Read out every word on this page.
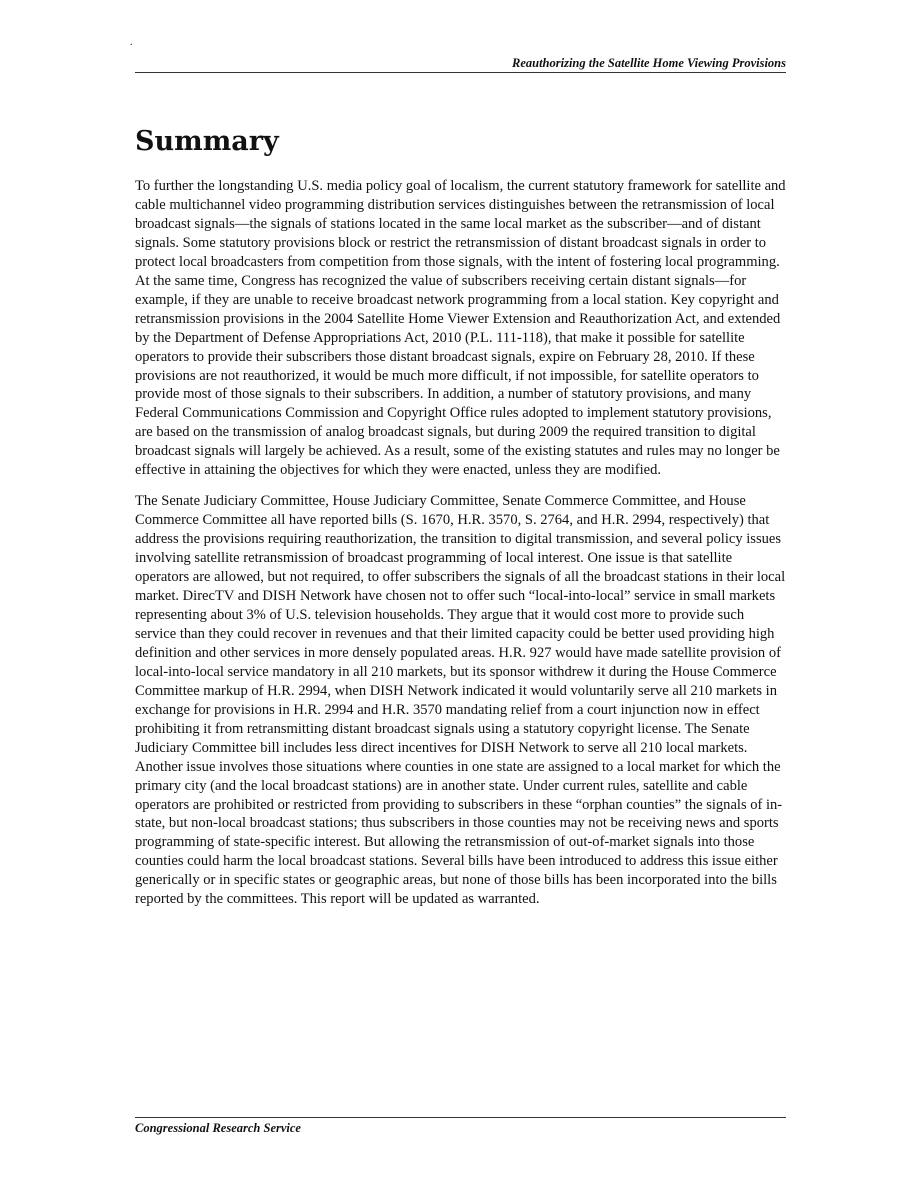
.
Reauthorizing the Satellite Home Viewing Provisions
Summary

To further the longstanding U.S. media policy goal of localism, the current statutory framework for satellite and cable multichannel video programming distribution services distinguishes between the retransmission of local broadcast signals—the signals of stations located in the same local market as the subscriber—and of distant signals. Some statutory provisions block or restrict the retransmission of distant broadcast signals in order to protect local broadcasters from competition from those signals, with the intent of fostering local programming. At the same time, Congress has recognized the value of subscribers receiving certain distant signals—for example, if they are unable to receive broadcast network programming from a local station. Key copyright and retransmission provisions in the 2004 Satellite Home Viewer Extension and Reauthorization Act, and extended by the Department of Defense Appropriations Act, 2010 (P.L. 111-118), that make it possible for satellite operators to provide their subscribers those distant broadcast signals, expire on February 28, 2010. If these provisions are not reauthorized, it would be much more difficult, if not impossible, for satellite operators to provide most of those signals to their subscribers. In addition, a number of statutory provisions, and many Federal Communications Commission and Copyright Office rules adopted to implement statutory provisions, are based on the transmission of analog broadcast signals, but during 2009 the required transition to digital broadcast signals will largely be achieved. As a result, some of the existing statutes and rules may no longer be effective in attaining the objectives for which they were enacted, unless they are modified.

The Senate Judiciary Committee, House Judiciary Committee, Senate Commerce Committee, and House Commerce Committee all have reported bills (S. 1670, H.R. 3570, S. 2764, and H.R. 2994, respectively) that address the provisions requiring reauthorization, the transition to digital transmission, and several policy issues involving satellite retransmission of broadcast programming of local interest. One issue is that satellite operators are allowed, but not required, to offer subscribers the signals of all the broadcast stations in their local market. DirecTV and DISH Network have chosen not to offer such “local-into-local” service in small markets representing about 3% of U.S. television households. They argue that it would cost more to provide such service than they could recover in revenues and that their limited capacity could be better used providing high definition and other services in more densely populated areas. H.R. 927 would have made satellite provision of local-into-local service mandatory in all 210 markets, but its sponsor withdrew it during the House Commerce Committee markup of H.R. 2994, when DISH Network indicated it would voluntarily serve all 210 markets in exchange for provisions in H.R. 2994 and H.R. 3570 mandating relief from a court injunction now in effect prohibiting it from retransmitting distant broadcast signals using a statutory copyright license. The Senate Judiciary Committee bill includes less direct incentives for DISH Network to serve all 210 local markets. Another issue involves those situations where counties in one state are assigned to a local market for which the primary city (and the local broadcast stations) are in another state. Under current rules, satellite and cable operators are prohibited or restricted from providing to subscribers in these “orphan counties” the signals of in-state, but non-local broadcast stations; thus subscribers in those counties may not be receiving news and sports programming of state-specific interest. But allowing the retransmission of out-of-market signals into those counties could harm the local broadcast stations. Several bills have been introduced to address this issue either generically or in specific states or geographic areas, but none of those bills has been incorporated into the bills reported by the committees. This report will be updated as warranted.

Congressional Research Service
